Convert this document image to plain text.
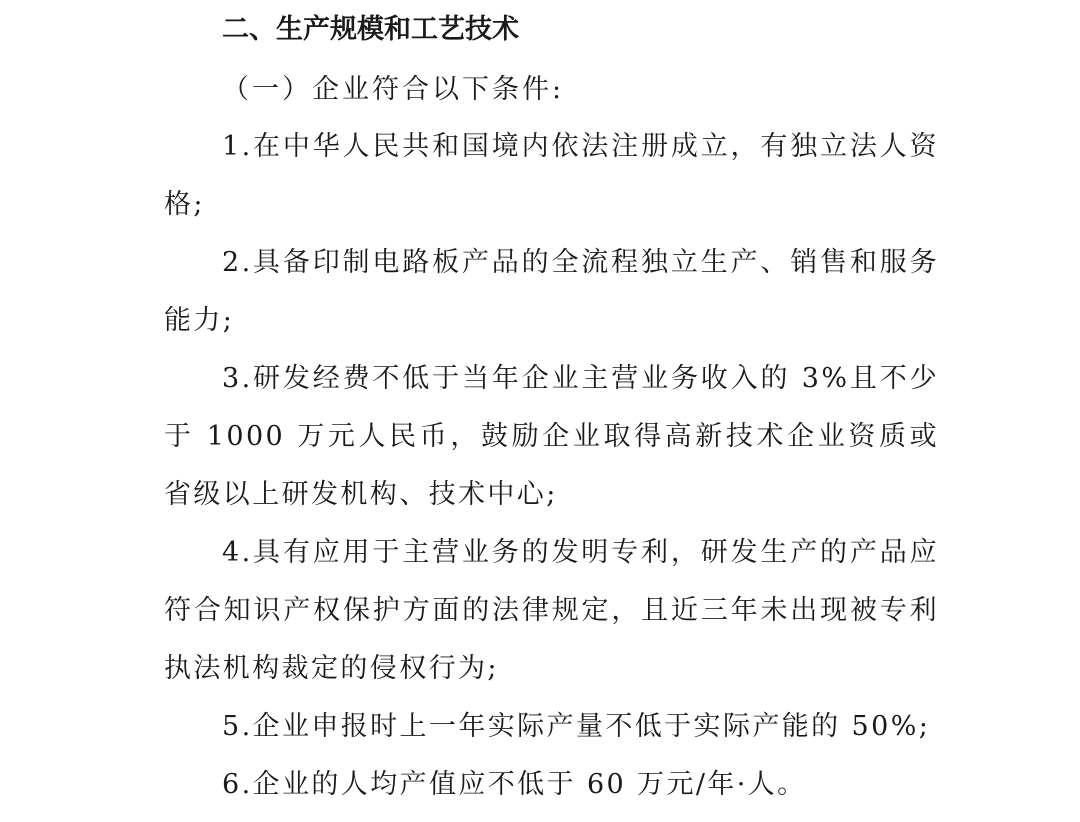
二、生产规模和工艺技术

（一）企业符合以下条件:

1.在中华人民共和国境内依法注册成立，有独立法人资格;

2.具备印制电路板产品的全流程独立生产、销售和服务能力;

3.研发经费不低于当年企业主营业务收入的 3%且不少于 1000 万元人民币，鼓励企业取得高新技术企业资质或省级以上研发机构、技术中心;

4.具有应用于主营业务的发明专利，研发生产的产品应符合知识产权保护方面的法律规定，且近三年未出现被专利执法机构裁定的侵权行为;

5.企业申报时上一年实际产量不低于实际产能的 50%;

6.企业的人均产值应不低于 60 万元/年·人。
